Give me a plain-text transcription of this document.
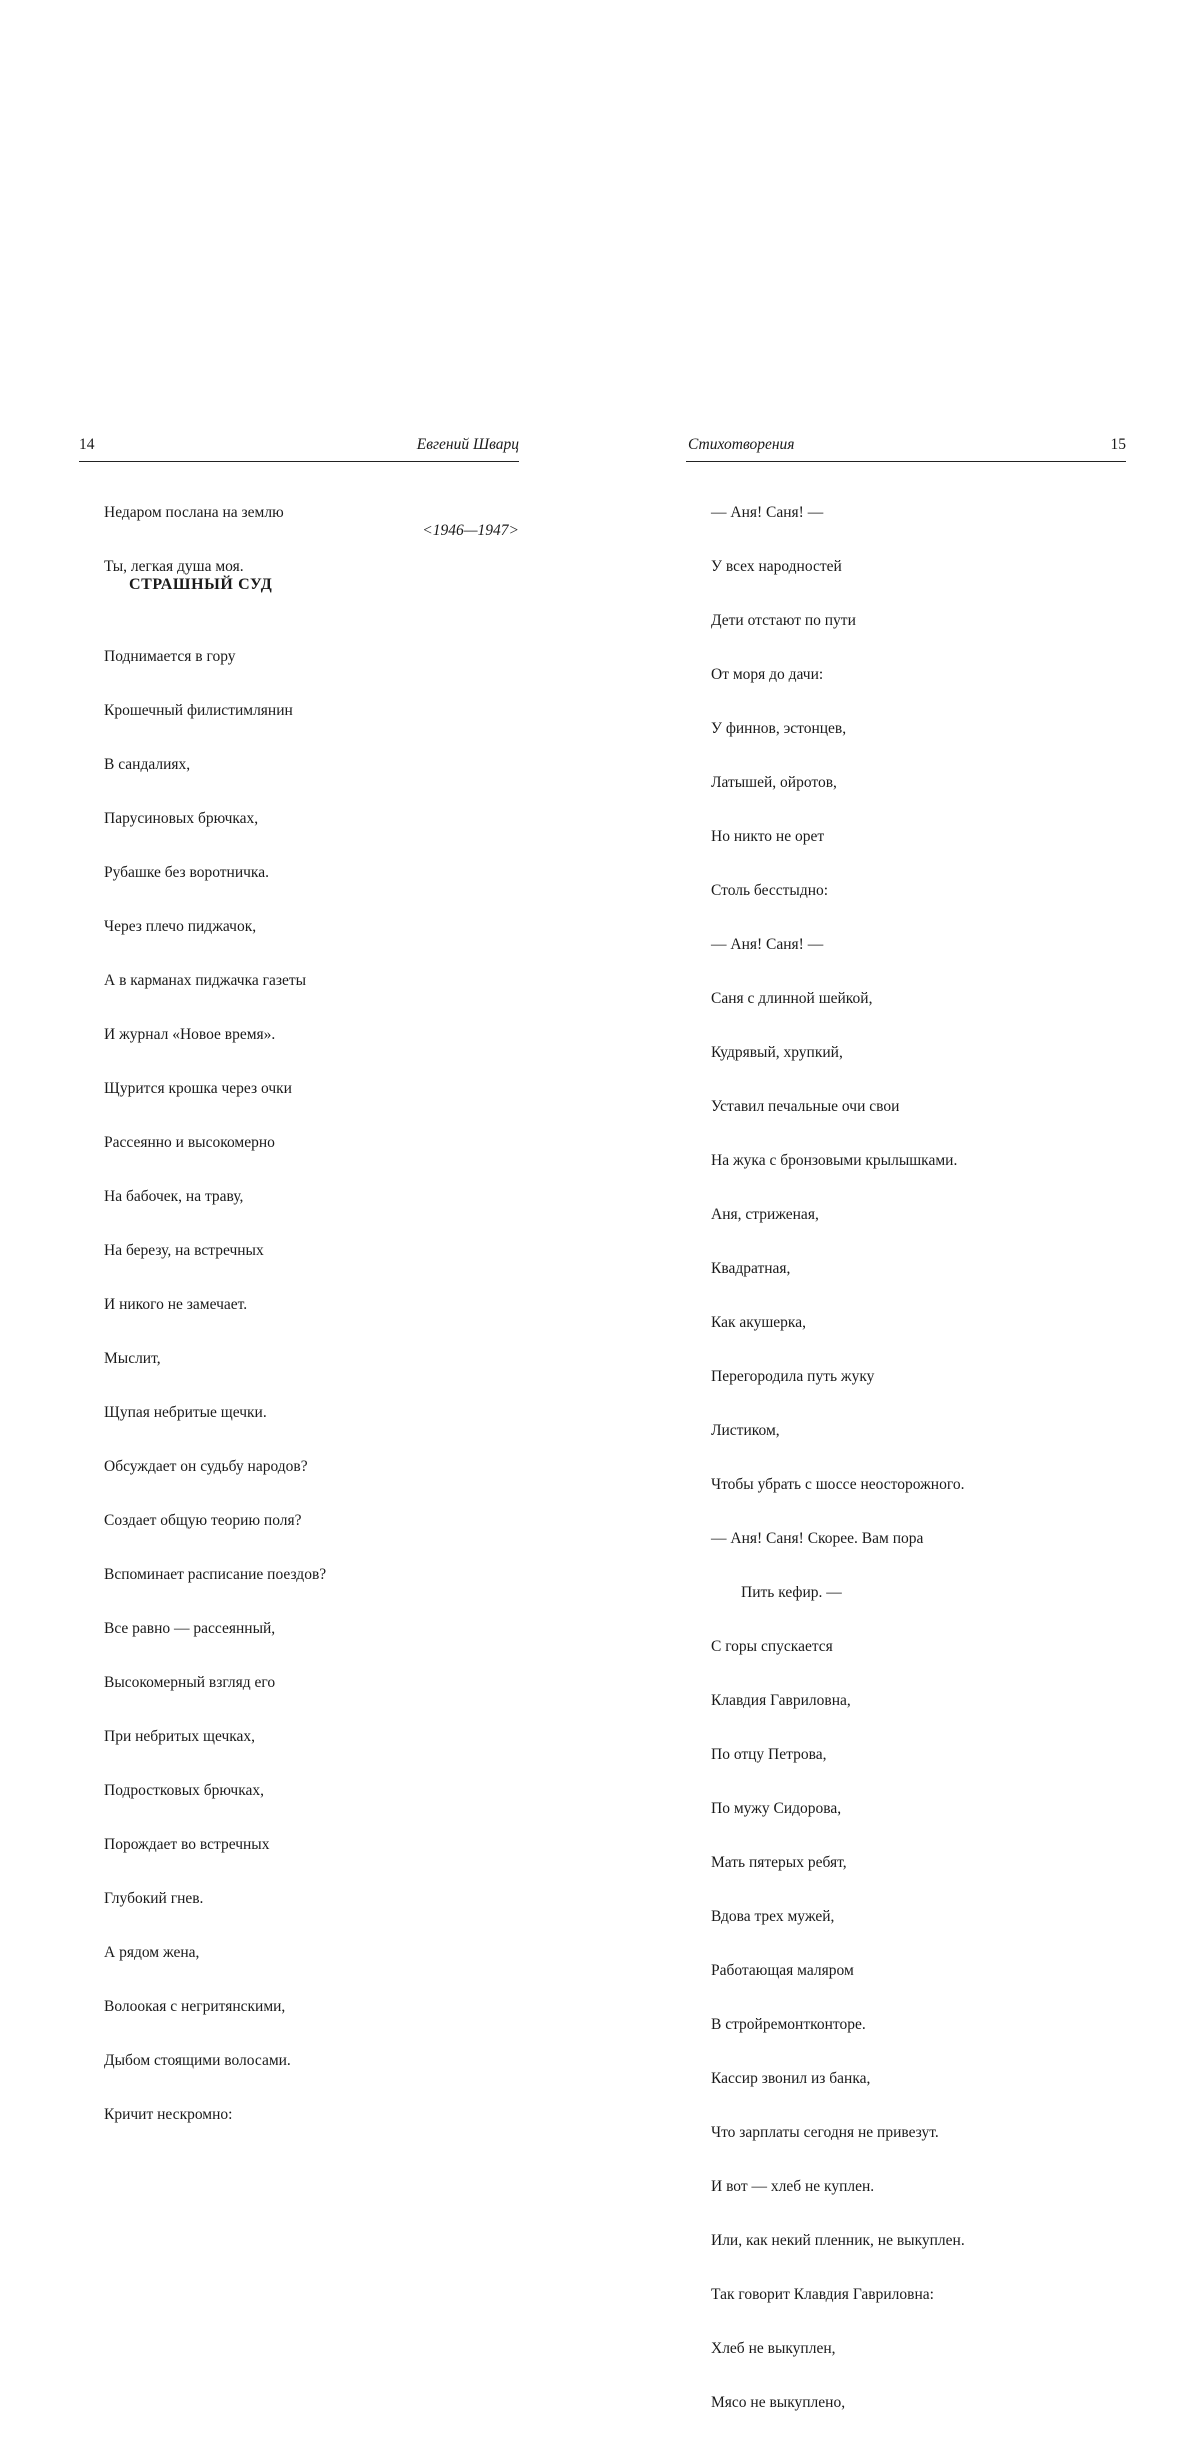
14	Евгений Шварц

Недаром послана на землю

Ты, легкая душа моя.

<1946—1947>
СТРАШНЫЙ СУД

Поднимается в гору

Крошечный филистимлянин

В сандалиях,

Парусиновых брючках,

Рубашке без воротничка.

Через плечо пиджачок,

А в карманах пиджачка газеты

И журнал «Новое время».

Щурится крошка через очки

Рассеянно и высокомерно

На бабочек, на траву,

На березу, на встречных

И никого не замечает.

Мыслит,

Щупая небритые щечки.

Обсуждает он судьбу народов?

Создает общую теорию поля?

Вспоминает расписание поездов?

Все равно — рассеянный,

Высокомерный взгляд его

При небритых щечках,

Подростковых брючках,

Порождает во встречных

Глубокий гнев.

А рядом жена,

Волоокая с негритянскими,

Дыбом стоящими волосами.

Кричит нескромно:

Стихотворения	15

— Аня! Саня! —

У всех народностей

Дети отстают по пути

От моря до дачи:

У финнов, эстонцев,

Латышей, ойротов,

Но никто не орет

Столь бесстыдно:

— Аня! Саня! —

Саня с длинной шейкой,

Кудрявый, хрупкий,

Уставил печальные очи свои

На жука с бронзовыми крылышками.

Аня, стриженая,

Квадратная,

Как акушерка,

Перегородила путь жуку

Листиком,

Чтобы убрать с шоссе неосторожного.

— Аня! Саня! Скорее. Вам пора

Пить кефир. —

С горы спускается

Клавдия Гавриловна,

По отцу Петрова,

По мужу Сидорова,

Мать пятерых ребят,

Вдова трех мужей,

Работающая маляром

В стройремонтконторе.

Кассир звонил из банка,

Что зарплаты сегодня не привезут.

И вот — хлеб не куплен.

Или, как некий пленник, не выкуплен.

Так говорит Клавдия Гавриловна:

Хлеб не выкуплен,

Мясо не выкуплено,
